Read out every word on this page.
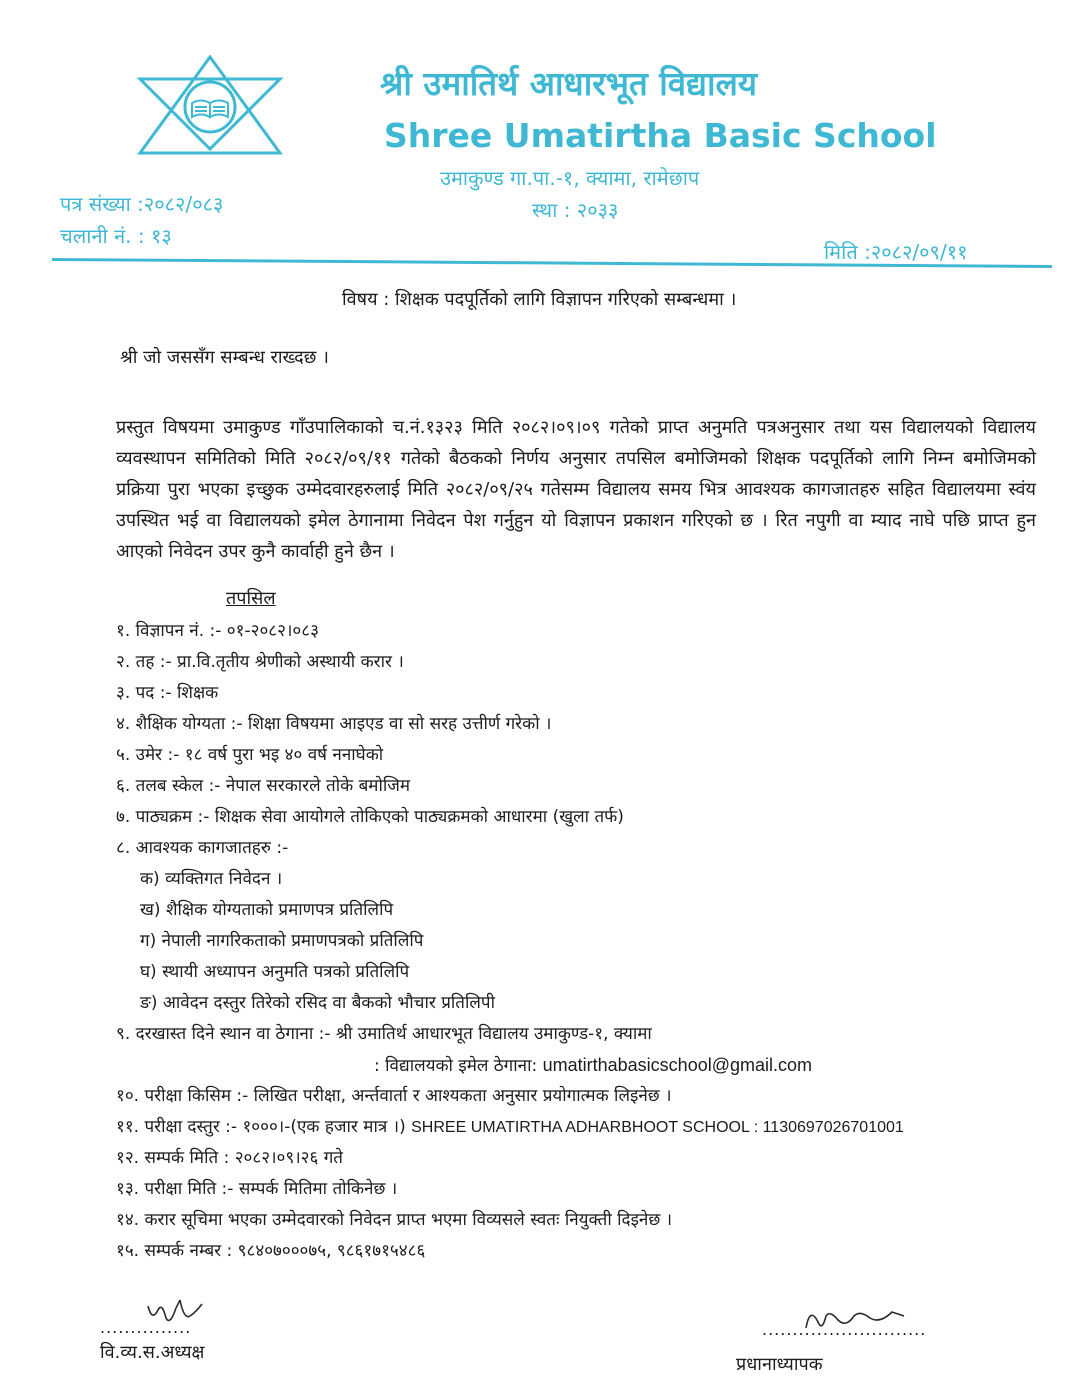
श्री उमातिर्थ आधारभूत विद्यालय
Shree Umatirtha Basic School
उमाकुण्ड गा.पा.-१, क्यामा, रामेछाप
स्था : २०३३
पत्र संख्या :२०८२/०८३
चलानी नं. : १३
मिति :२०८२/०९/११
विषय : शिक्षक पदपूर्तिको लागि विज्ञापन गरिएको सम्बन्धमा ।
श्री जो जससँग सम्बन्ध राख्दछ ।
प्रस्तुत विषयमा उमाकुण्ड गाँउपालिकाको च.नं.१३२३ मिति २०८२।०९।०९ गतेको प्राप्त अनुमति पत्रअनुसार तथा यस विद्यालयको विद्यालय व्यवस्थापन समितिको मिति २०८२/०९/११ गतेको बैठकको निर्णय अनुसार तपसिल बमोजिमको शिक्षक पदपूर्तिको लागि निम्न बमोजिमको प्रक्रिया पुरा भएका इच्छुक उम्मेदवारहरुलाई मिति २०८२/०९/२५ गतेसम्म विद्यालय समय भित्र आवश्यक कागजातहरु सहित विद्यालयमा स्वंय उपस्थित भई वा विद्यालयको इमेल ठेगानामा निवेदन पेश गर्नुहुन यो विज्ञापन प्रकाशन गरिएको छ । रित नपुगी वा म्याद नाघे पछि प्राप्त हुन आएको निवेदन उपर कुनै कार्वाही हुने छैन ।
तपसिल
१. विज्ञापन नं. :- ०१-२०८२।०८३
२. तह :- प्रा.वि.तृतीय श्रेणीको अस्थायी करार ।
३. पद :- शिक्षक
४. शैक्षिक योग्यता :- शिक्षा विषयमा आइएड वा सो सरह उत्तीर्ण गरेको ।
५. उमेर :- १८ वर्ष पुरा भइ ४० वर्ष ननाघेको
६. तलब स्केल :- नेपाल सरकारले तोके बमोजिम
७. पाठ्यक्रम :- शिक्षक सेवा आयोगले तोकिएको पाठ्यक्रमको आधारमा (खुला तर्फ)
८. आवश्यक कागजातहरु :-
क) व्यक्तिगत निवेदन ।
ख) शैक्षिक योग्यताको प्रमाणपत्र प्रतिलिपि
ग) नेपाली नागरिकताको प्रमाणपत्रको प्रतिलिपि
घ) स्थायी अध्यापन अनुमति पत्रको प्रतिलिपि
ङ) आवेदन दस्तुर तिरेको रसिद वा बैकको भौचार प्रतिलिपी
९. दरखास्त दिने स्थान वा ठेगाना :- श्री उमातिर्थ आधारभूत विद्यालय उमाकुण्ड-१, क्यामा
: विद्यालयको इमेल ठेगाना: umatirthabasicschool@gmail.com
१०. परीक्षा किसिम :- लिखित परीक्षा, अर्न्तवार्ता र आश्यकता अनुसार प्रयोगात्मक लिइनेछ ।
११. परीक्षा दस्तुर :- १०००।-(एक हजार मात्र ।) SHREE UMATIRTHA ADHARBHOOT SCHOOL : 1130697026701001
१२. सम्पर्क मिति : २०८२।०९।२६ गते
१३. परीक्षा मिति :- सम्पर्क मितिमा तोकिनेछ ।
१४. करार सूचिमा भएका उम्मेदवारको निवेदन प्राप्त भएमा विव्यसले स्वतः नियुक्ती दिइनेछ ।
१५. सम्पर्क नम्बर : ९८४०७०००७५, ९८६१७१५४८६
...............
वि.व्य.स.अध्यक्ष
...........................
प्रधानाध्यापक
